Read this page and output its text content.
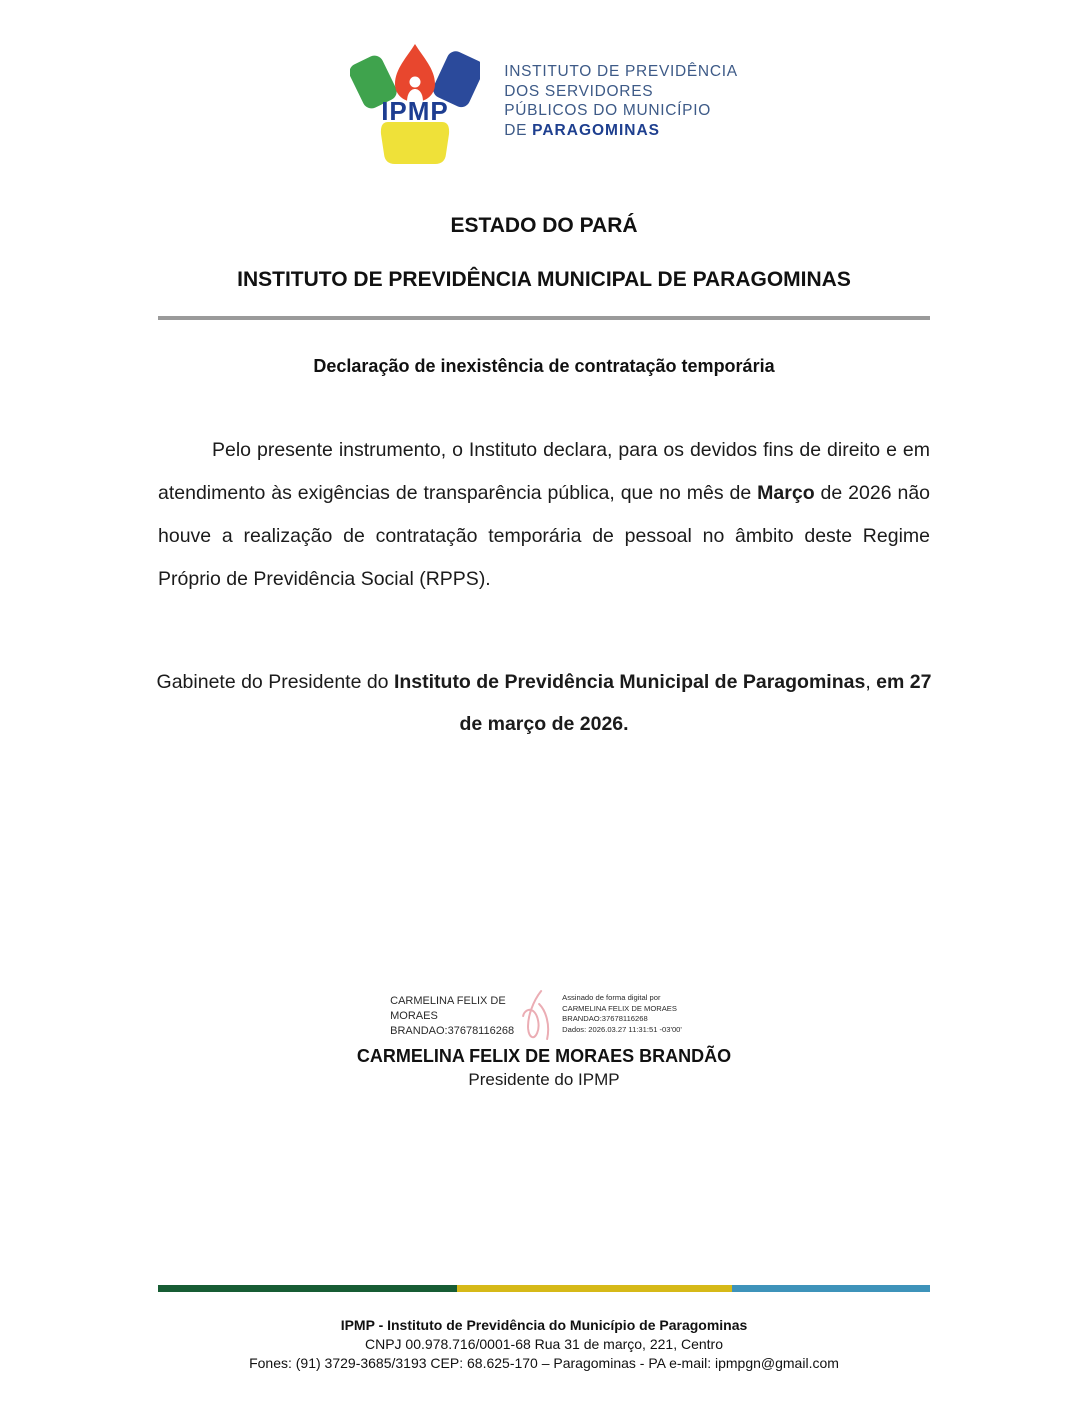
IPMP
INSTITUTO DE PREVIDÊNCIA
DOS SERVIDORES
PÚBLICOS DO MUNICÍPIO
DE PARAGOMINAS
ESTADO DO PARÁ
INSTITUTO DE PREVIDÊNCIA MUNICIPAL DE PARAGOMINAS
Declaração de inexistência de contratação temporária

Pelo presente instrumento, o Instituto declara, para os devidos fins de direito e em atendimento às exigências de transparência pública, que no mês de Março de 2026 não houve a realização de contratação temporária de pessoal no âmbito deste Regime Próprio de Previdência Social (RPPS).

Gabinete do Presidente do Instituto de Previdência Municipal de Paragominas, em 27 de março de 2026.

CARMELINA FELIX DE
MORAES
BRANDAO:37678116268
Assinado de forma digital por
CARMELINA FELIX DE MORAES
BRANDAO:37678116268
Dados: 2026.03.27 11:31:51 -03'00'
CARMELINA FELIX DE MORAES BRANDÃO
Presidente do IPMP
IPMP - Instituto de Previdência do Município de Paragominas
CNPJ 00.978.716/0001-68 Rua 31 de março, 221, Centro
Fones: (91) 3729-3685/3193 CEP: 68.625-170 – Paragominas - PA e-mail: ipmpgn@gmail.com
